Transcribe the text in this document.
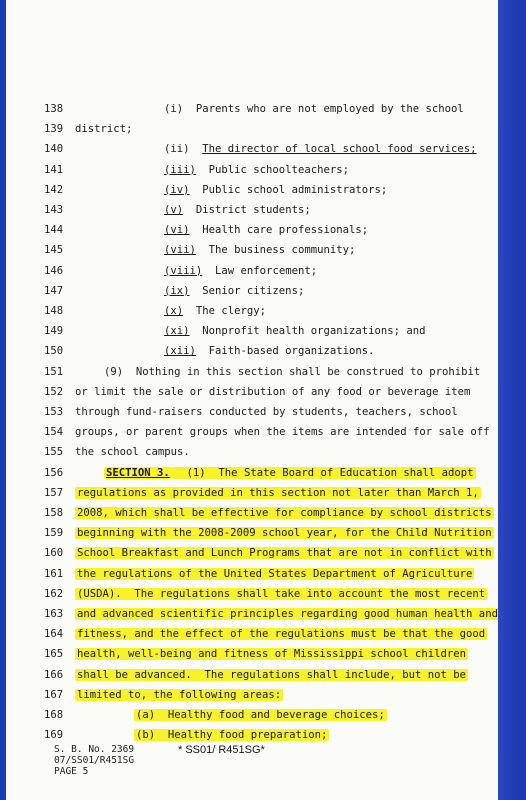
138	(i)  Parents who are not employed by the school
139	district;
140	(ii)  The director of local school food services;
141	(iii)  Public schoolteachers;
142	(iv)  Public school administrators;
143	(v)  District students;
144	(vi)  Health care professionals;
145	(vii)  The business community;
146	(viii)  Law enforcement;
147	(ix)  Senior citizens;
148	(x)  The clergy;
149	(xi)  Nonprofit health organizations; and
150	(xii)  Faith-based organizations.
151	(9)  Nothing in this section shall be construed to prohibit
152	or limit the sale or distribution of any food or beverage item
153	through fund-raisers conducted by students, teachers, school
154	groups, or parent groups when the items are intended for sale off
155	the school campus.
156	SECTION 3.  (1)  The State Board of Education shall adopt
157	regulations as provided in this section not later than March 1,
158	2008, which shall be effective for compliance by school districts
159	beginning with the 2008-2009 school year, for the Child Nutrition
160	School Breakfast and Lunch Programs that are not in conflict with
161	the regulations of the United States Department of Agriculture
162	(USDA).  The regulations shall take into account the most recent
163	and advanced scientific principles regarding good human health and
164	fitness, and the effect of the regulations must be that the good
165	health, well-being and fitness of Mississippi school children
166	shall be advanced.  The regulations shall include, but not be
167	limited to, the following areas:
168	(a)  Healthy food and beverage choices;
169	(b)  Healthy food preparation;
S. B. No. 2369
07/SS01/R451SG
PAGE 5
* SS01/ R451SG*
